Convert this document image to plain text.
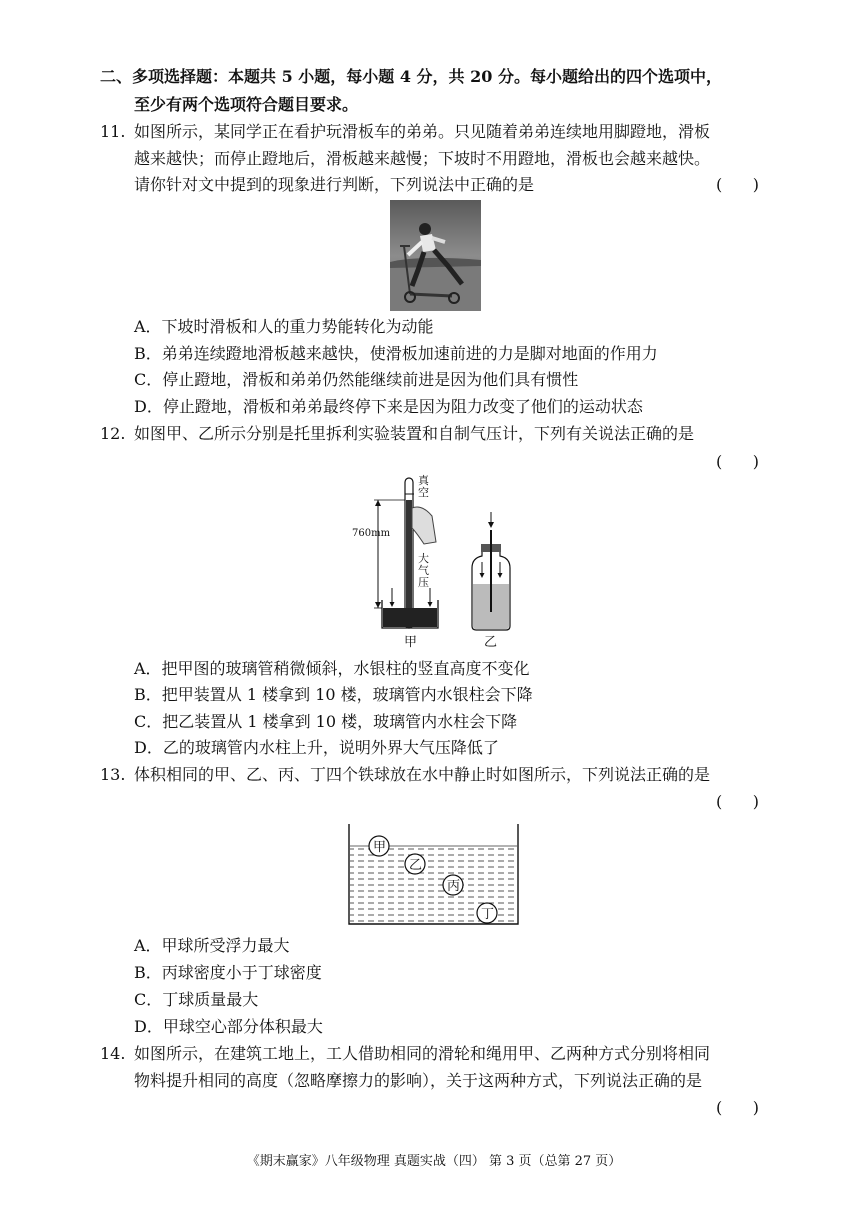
二、多项选择题：本题共 5 小题，每小题 4 分，共 20 分。每小题给出的四个选项中，
至少有两个选项符合题目要求。
11. 如图所示，某同学正在看护玩滑板车的弟弟。只见随着弟弟连续地用脚蹬地，滑板
越来越快；而停止蹬地后，滑板越来越慢；下坡时不用蹬地，滑板也会越来越快。
请你针对文中提到的现象进行判断，下列说法中正确的是	(      )
A．下坡时滑板和人的重力势能转化为动能
B．弟弟连续蹬地滑板越来越快，使滑板加速前进的力是脚对地面的作用力
C．停止蹬地，滑板和弟弟仍然能继续前进是因为他们具有惯性
D．停止蹬地，滑板和弟弟最终停下来是因为阻力改变了他们的运动状态
12. 如图甲、乙所示分别是托里拆利实验装置和自制气压计，下列有关说法正确的是
(      )
真
空
760mm
大
气
压
甲	乙
A．把甲图的玻璃管稍微倾斜，水银柱的竖直高度不变化
B．把甲装置从 1 楼拿到 10 楼，玻璃管内水银柱会下降
C．把乙装置从 1 楼拿到 10 楼，玻璃管内水柱会下降
D．乙的玻璃管内水柱上升，说明外界大气压降低了
13. 体积相同的甲、乙、丙、丁四个铁球放在水中静止时如图所示，下列说法正确的是
(      )
甲
乙
丙
丁
A．甲球所受浮力最大
B．丙球密度小于丁球密度
C．丁球质量最大
D．甲球空心部分体积最大
14. 如图所示，在建筑工地上，工人借助相同的滑轮和绳用甲、乙两种方式分别将相同
物料提升相同的高度（忽略摩擦力的影响），关于这两种方式，下列说法正确的是
(      )
《期末赢家》八年级物理 真题实战（四） 第 3 页（总第 27 页）
